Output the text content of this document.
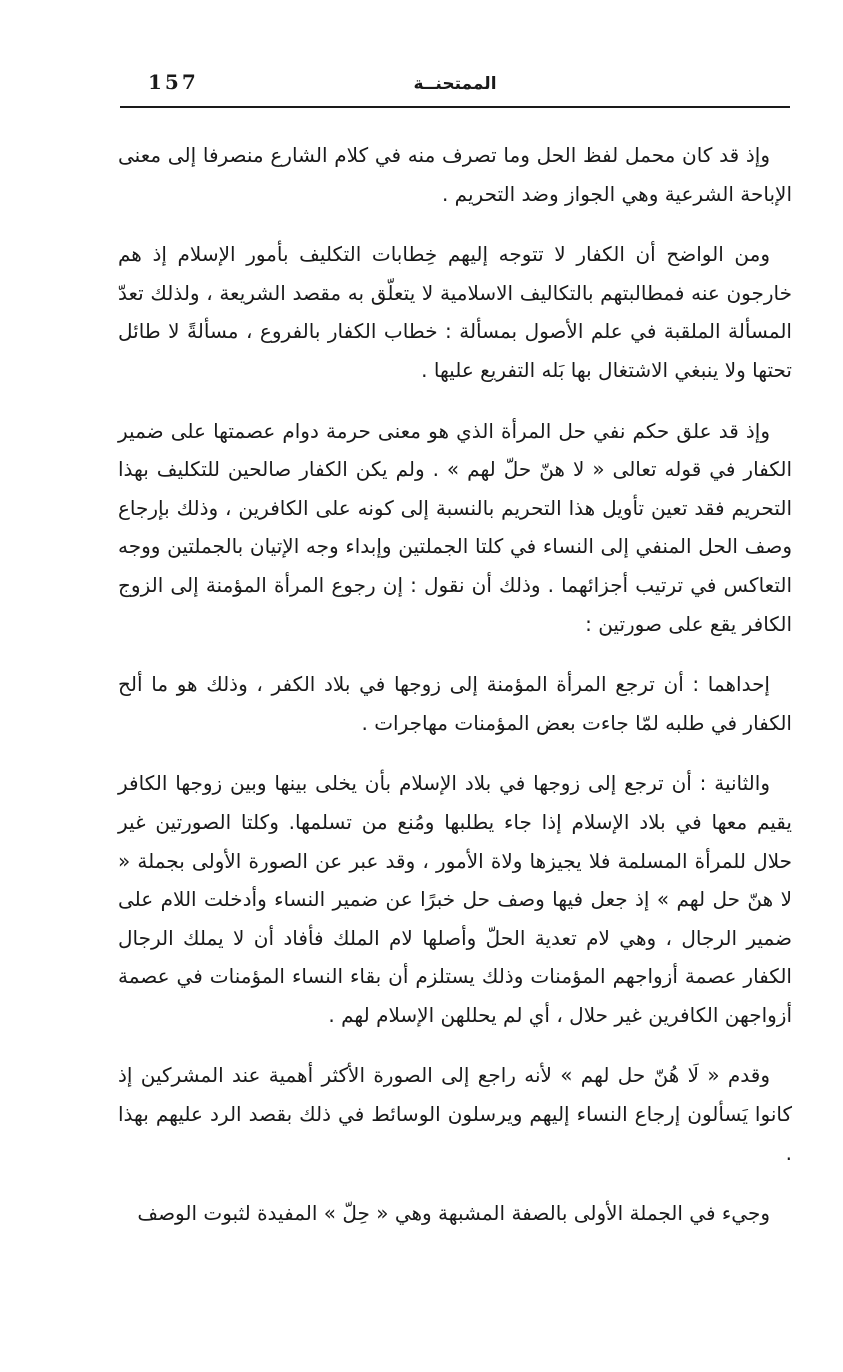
157	الممتحنــة

وإذ قد كان محمل لفظ الحل وما تصرف منه في كلام الشارع منصرفا إلى معنى الإباحة الشرعية وهي الجواز وضد التحريم .

ومن الواضح أن الكفار لا تتوجه إليهم خِطابات التكليف بأمور الإسلام إذ هم خارجون عنه فمطالبتهم بالتكاليف الاسلامية لا يتعلّق به مقصد الشريعة ، ولذلك تعدّ المسألة الملقبة في علم الأصول بمسألة : خطاب الكفار بالفروع ، مسألةً لا طائل تحتها ولا ينبغي الاشتغال بها بَله التفريع عليها .

وإذ قد علق حكم نفي حل المرأة الذي هو معنى حرمة دوام عصمتها على ضمير الكفار في قوله تعالى « لا هنّ حلّ لهم » . ولم يكن الكفار صالحين للتكليف بهذا التحريم فقد تعين تأويل هذا التحريم بالنسبة إلى كونه على الكافرين ، وذلك بإرجاع وصف الحل المنفي إلى النساء في كلتا الجملتين وإبداء وجه الإتيان بالجملتين ووجه التعاكس في ترتيب أجزائهما . وذلك أن نقول : إن رجوع المرأة المؤمنة إلى الزوج الكافر يقع على صورتين :

إحداهما : أن ترجع المرأة المؤمنة إلى زوجها في بلاد الكفر ، وذلك هو ما ألح الكفار في طلبه لمّا جاءت بعض المؤمنات مهاجرات .

والثانية : أن ترجع إلى زوجها في بلاد الإسلام بأن يخلى بينها وبين زوجها الكافر يقيم معها في بلاد الإسلام إذا جاء يطلبها ومُنع من تسلمها. وكلتا الصورتين غير حلال للمرأة المسلمة فلا يجيزها ولاة الأمور ، وقد عبر عن الصورة الأولى بجملة « لا هنّ حل لهم » إذ جعل فيها وصف حل خبرًا عن ضمير النساء وأدخلت اللام على ضمير الرجال ، وهي لام تعدية الحلّ وأصلها لام الملك فأفاد أن لا يملك الرجال الكفار عصمة أزواجهم المؤمنات وذلك يستلزم أن بقاء النساء المؤمنات في عصمة أزواجهن الكافرين غير حلال ، أي لم يحللهن الإسلام لهم .

وقدم « لَا هُنّ حل لهم » لأنه راجع إلى الصورة الأكثر أهمية عند المشركين إذ كانوا يَسألون إرجاع النساء إليهم ويرسلون الوسائط في ذلك بقصد الرد عليهم بهذا .

وجيء في الجملة الأولى بالصفة المشبهة وهي « حِلّ » المفيدة لثبوت الوصف
